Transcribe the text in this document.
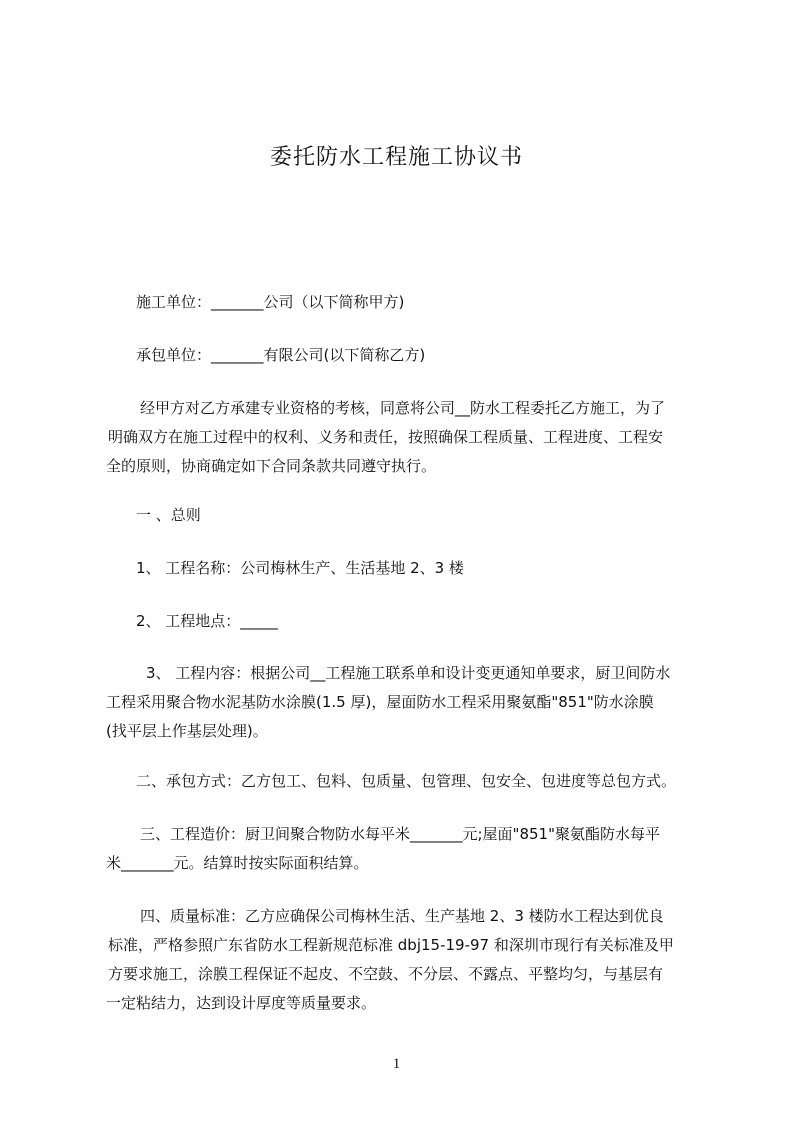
委托防水工程施工协议书
施工单位：_______公司（以下简称甲方)
承包单位：_______有限公司(以下简称乙方)
经甲方对乙方承建专业资格的考核，同意将公司__防水工程委托乙方施工，为了
明确双方在施工过程中的权利、义务和责任，按照确保工程质量、工程进度、工程安
全的原则，协商确定如下合同条款共同遵守执行。
一 、总则
1、 工程名称：公司梅林生产、生活基地 2、3 楼
2、 工程地点：_____
3、 工程内容：根据公司__工程施工联系单和设计变更通知单要求，厨卫间防水
工程采用聚合物水泥基防水涂膜(1.5 厚)，屋面防水工程采用聚氨酯"851"防水涂膜
(找平层上作基层处理)。
二、承包方式：乙方包工、包料、包质量、包管理、包安全、包进度等总包方式。
三、工程造价：厨卫间聚合物防水每平米_______元;屋面"851"聚氨酯防水每平
米_______元。结算时按实际面积结算。
四、质量标准：乙方应确保公司梅林生活、生产基地 2、3 楼防水工程达到优良
标准，严格参照广东省防水工程新规范标准 dbj15-19-97 和深圳市现行有关标准及甲
方要求施工，涂膜工程保证不起皮、不空鼓、不分层、不露点、平整均匀，与基层有
一定粘结力，达到设计厚度等质量要求。
1
